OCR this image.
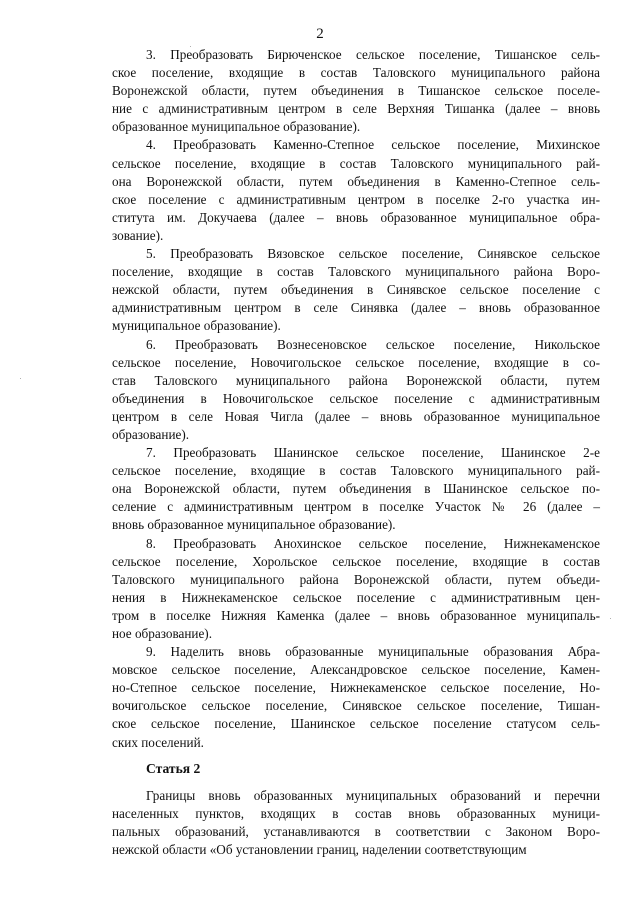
2
3. Преобразовать Бирюченское сельское поселение, Тишанское сель-
ское поселение, входящие в состав Таловского муниципального района
Воронежской области, путем объединения в Тишанское сельское поселе-
ние с административным центром в селе Верхняя Тишанка (далее – вновь
образованное муниципальное образование).
4. Преобразовать Каменно-Степное сельское поселение, Михинское
сельское поселение, входящие в состав Таловского муниципального рай-
она Воронежской области, путем объединения в Каменно-Степное сель-
ское поселение с административным центром в поселке 2-го участка ин-
ститута им. Докучаева (далее – вновь образованное муниципальное обра-
зование).
5. Преобразовать Вязовское сельское поселение, Синявское сельское
поселение, входящие в состав Таловского муниципального района Воро-
нежской области, путем объединения в Синявское сельское поселение с
административным центром в селе Синявка (далее – вновь образованное
муниципальное образование).
6. Преобразовать Вознесеновское сельское поселение, Никольское
сельское поселение, Новочигольское сельское поселение, входящие в со-
став Таловского муниципального района Воронежской области, путем
объединения в Новочигольское сельское поселение с административным
центром в селе Новая Чигла (далее – вновь образованное муниципальное
образование).
7. Преобразовать Шанинское сельское поселение, Шанинское 2-е
сельское поселение, входящие в состав Таловского муниципального рай-
она Воронежской области, путем объединения в Шанинское сельское по-
селение с административным центром в поселке Участок № 26 (далее –
вновь образованное муниципальное образование).
8. Преобразовать Анохинское сельское поселение, Нижнекаменское
сельское поселение, Хорольское сельское поселение, входящие в состав
Таловского муниципального района Воронежской области, путем объеди-
нения в Нижнекаменское сельское поселение с административным цен-
тром в поселке Нижняя Каменка (далее – вновь образованное муниципаль-
ное образование).
9. Наделить вновь образованные муниципальные образования Абра-
мовское сельское поселение, Александровское сельское поселение, Камен-
но-Степное сельское поселение, Нижнекаменское сельское поселение, Но-
вочигольское сельское поселение, Синявское сельское поселение, Тишан-
ское сельское поселение, Шанинское сельское поселение статусом сель-
ских поселений.
Статья 2
Границы вновь образованных муниципальных образований и перечни
населенных пунктов, входящих в состав вновь образованных муници-
пальных образований, устанавливаются в соответствии с Законом Воро-
нежской области «Об установлении границ, наделении соответствующим
